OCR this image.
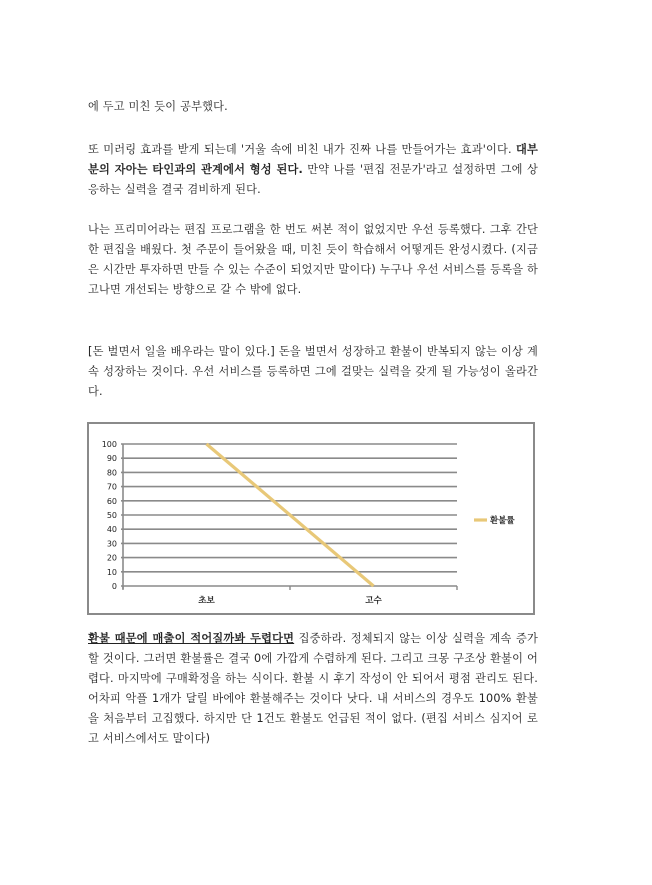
에 두고 미친 듯이 공부했다.

또 미러링 효과를 받게 되는데 '거울 속에 비친 내가 진짜 나를 만들어가는 효과'이다. 대부분의 자아는 타인과의 관계에서 형성 된다. 만약 나를 '편집 전문가'라고 설정하면 그에 상응하는 실력을 결국 겸비하게 된다.

나는 프리미어라는 편집 프로그램을 한 번도 써본 적이 없었지만 우선 등록했다. 그후 간단한 편집을 배웠다. 첫 주문이 들어왔을 때, 미친 듯이 학습해서 어떻게든 완성시켰다. (지금은 시간만 투자하면 만들 수 있는 수준이 되었지만 말이다) 누구나 우선 서비스를 등록을 하고나면 개선되는 방향으로 갈 수 밖에 없다.

[돈 벌면서 일을 배우라는 말이 있다.] 돈을 벌면서 성장하고 환불이 반복되지 않는 이상 계속 성장하는 것이다. 우선 서비스를 등록하면 그에 걸맞는 실력을 갖게 될 가능성이 올라간다.

0
10
20
30
40
50
60
70
80
90
100
초보	고수
환불률

환불 때문에 매출이 적어질까봐 두렵다면 집중하라. 정체되지 않는 이상 실력을 계속 증가할 것이다. 그러면 환불률은 결국 0에 가깝게 수렴하게 된다. 그리고 크몽 구조상 환불이 어렵다. 마지막에 구매확정을 하는 식이다. 환불 시 후기 작성이 안 되어서 평점 관리도 된다. 어차피 악플 1개가 달릴 바에야 환불해주는 것이다 낫다. 내 서비스의 경우도 100% 환불을 처음부터 고집했다. 하지만 단 1건도 환불도 언급된 적이 없다. (편집 서비스 심지어 로고 서비스에서도 말이다)
